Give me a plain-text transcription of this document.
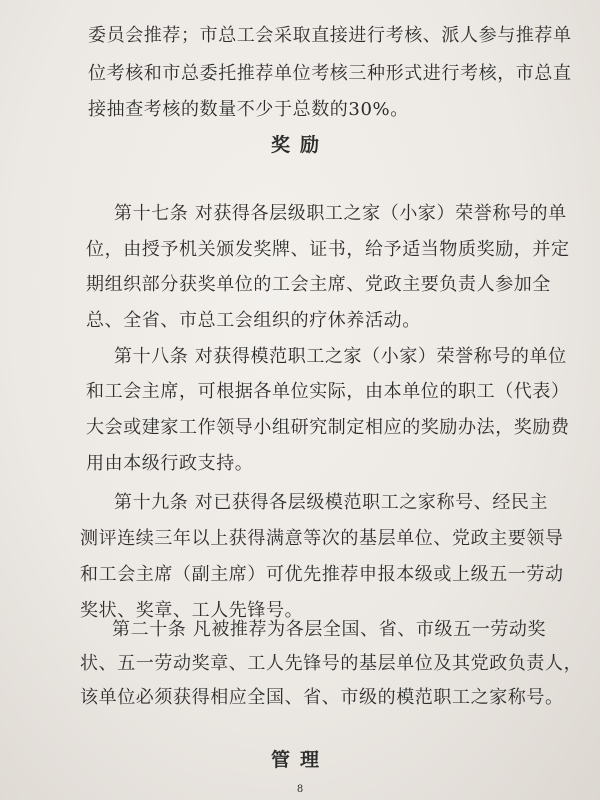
委员会推荐；市总工会采取直接进行考核、派人参与推荐单
位考核和市总委托推荐单位考核三种形式进行考核，市总直
接抽查考核的数量不少于总数的30%。
奖励
第十七条 对获得各层级职工之家（小家）荣誉称号的单
位，由授予机关颁发奖牌、证书，给予适当物质奖励，并定
期组织部分获奖单位的工会主席、党政主要负责人参加全
总、全省、市总工会组织的疗休养活动。
第十八条 对获得模范职工之家（小家）荣誉称号的单位
和工会主席，可根据各单位实际，由本单位的职工（代表）
大会或建家工作领导小组研究制定相应的奖励办法，奖励费
用由本级行政支持。
第十九条 对已获得各层级模范职工之家称号、经民主
测评连续三年以上获得满意等次的基层单位、党政主要领导
和工会主席（副主席）可优先推荐申报本级或上级五一劳动
奖状、奖章、工人先锋号。
第二十条 凡被推荐为各层全国、省、市级五一劳动奖
状、五一劳动奖章、工人先锋号的基层单位及其党政负责人，
该单位必须获得相应全国、省、市级的模范职工之家称号。
管理
8
